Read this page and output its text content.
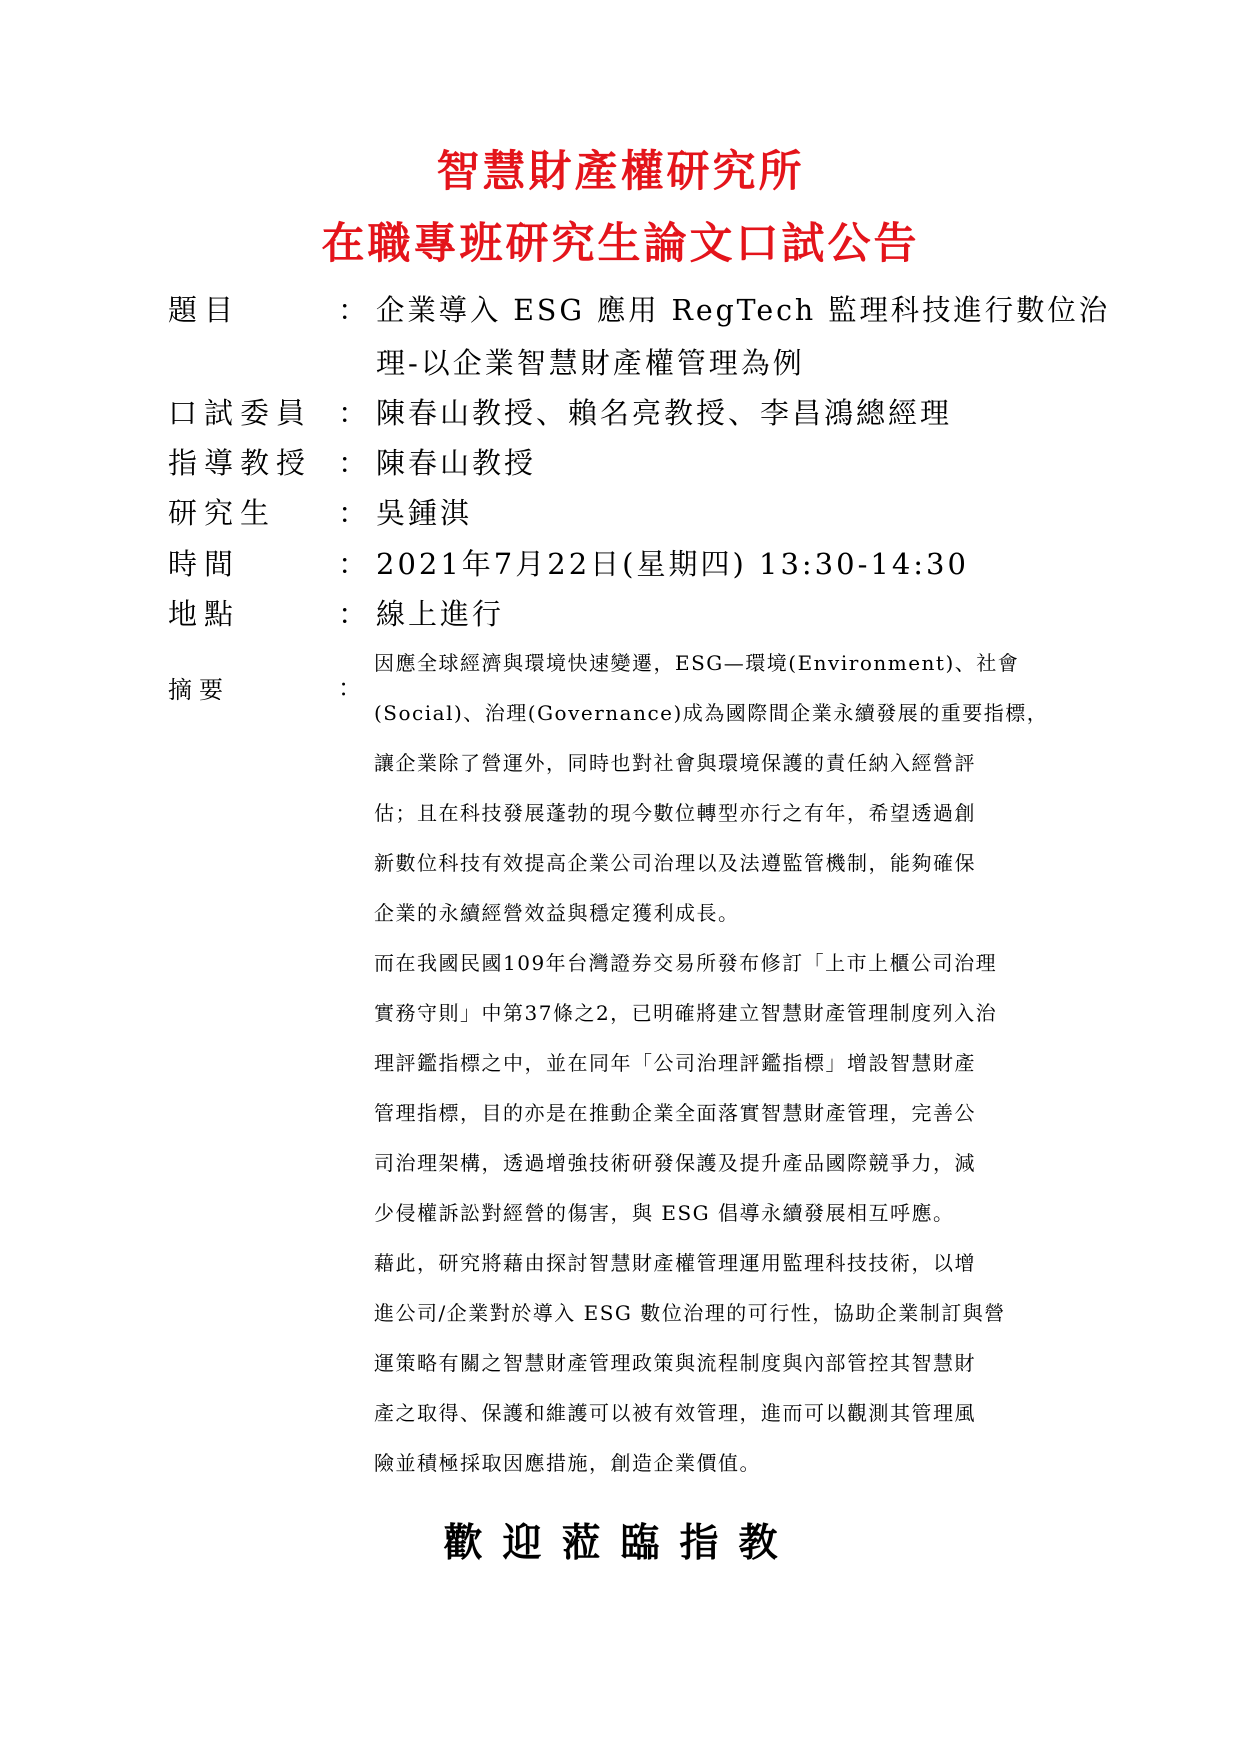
智慧財產權研究所
在職專班研究生論文口試公告
題目	： 企業導入 ESG 應用 RegTech 監理科技進行數位治
理-以企業智慧財產權管理為例
口試委員 ： 陳春山教授、賴名亮教授、李昌鴻總經理
指導教授 ： 陳春山教授
研究生 ： 吳鍾淇
時間	： 2021年7月22日(星期四) 13:30-14:30
地點	： 線上進行
摘要	：
因應全球經濟與環境快速變遷，ESG—環境(Environment)、社會
(Social)、治理(Governance)成為國際間企業永續發展的重要指標，
讓企業除了營運外，同時也對社會與環境保護的責任納入經營評
估；且在科技發展蓬勃的現今數位轉型亦行之有年，希望透過創
新數位科技有效提高企業公司治理以及法遵監管機制，能夠確保
企業的永續經營效益與穩定獲利成長。
而在我國民國109年台灣證券交易所發布修訂「上市上櫃公司治理
實務守則」中第37條之2，已明確將建立智慧財產管理制度列入治
理評鑑指標之中，並在同年「公司治理評鑑指標」增設智慧財產
管理指標，目的亦是在推動企業全面落實智慧財產管理，完善公
司治理架構，透過增強技術研發保護及提升產品國際競爭力，減
少侵權訴訟對經營的傷害，與 ESG 倡導永續發展相互呼應。
藉此，研究將藉由探討智慧財產權管理運用監理科技技術，以增
進公司/企業對於導入 ESG 數位治理的可行性，協助企業制訂與營
運策略有關之智慧財產管理政策與流程制度與內部管控其智慧財
產之取得、保護和維護可以被有效管理，進而可以觀測其管理風
險並積極採取因應措施，創造企業價值。
歡迎蒞臨指教
